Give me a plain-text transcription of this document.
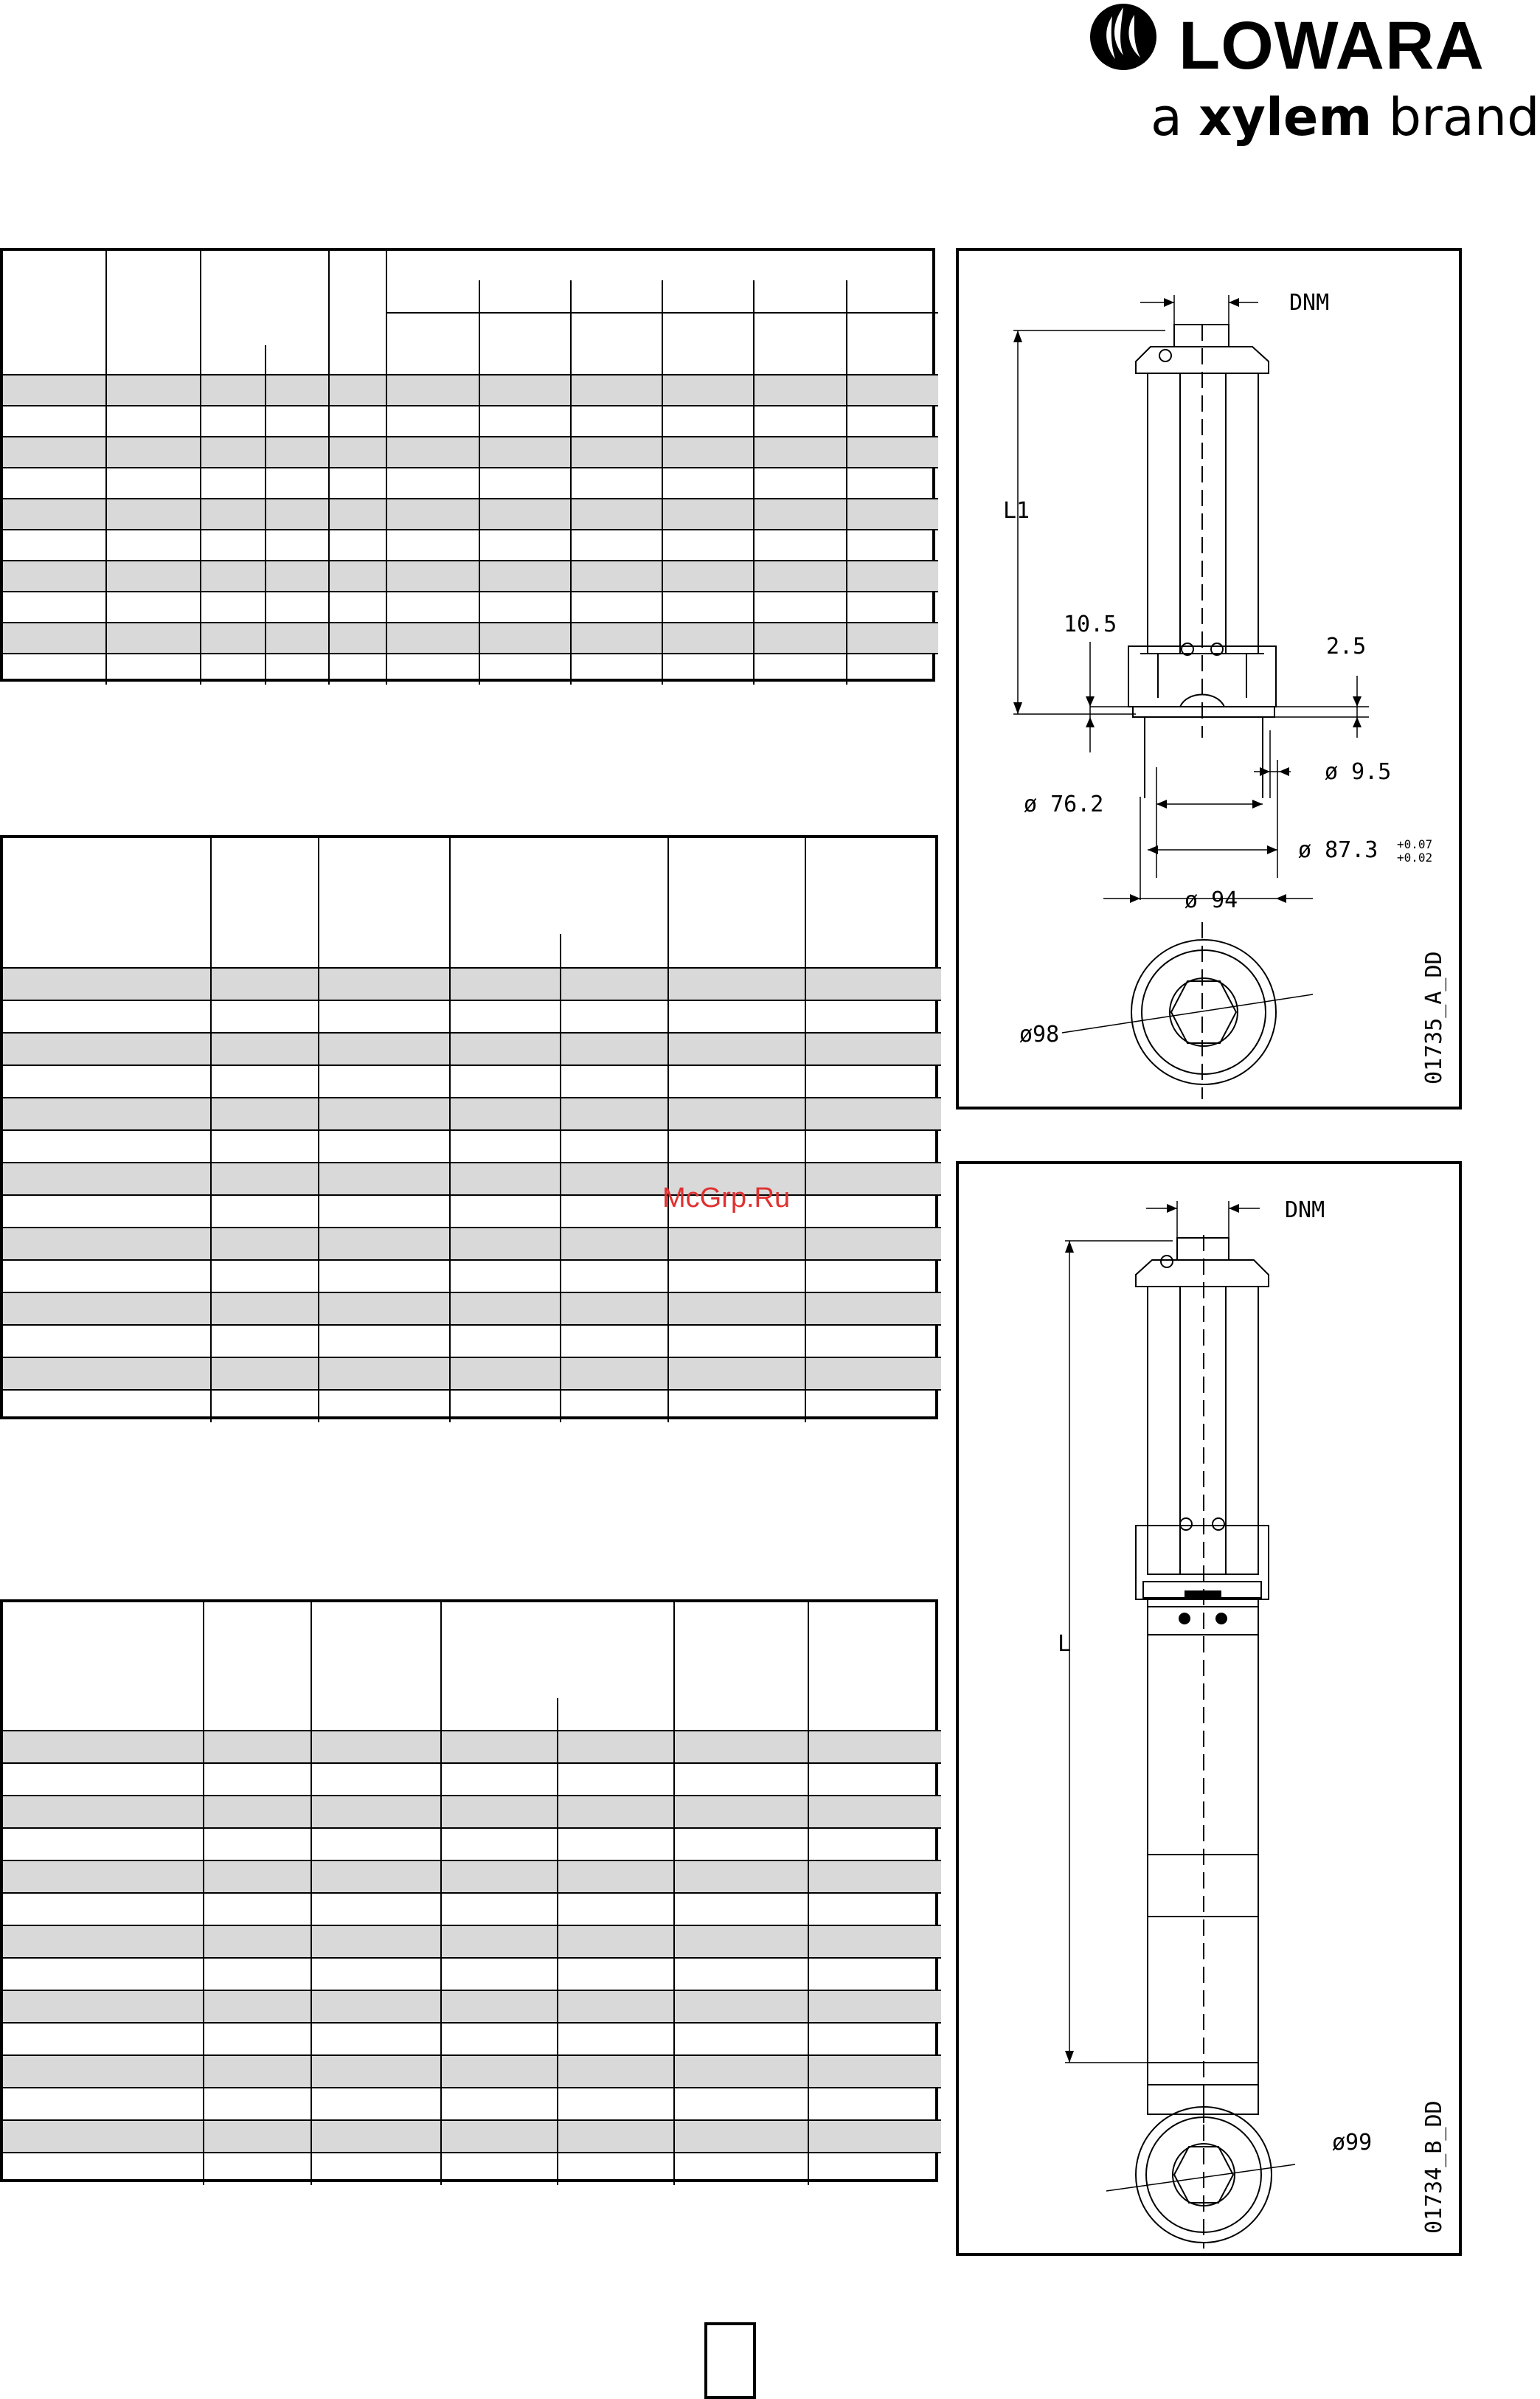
LOWARA
a xylem brand
DNM
L1
10.5
2.5
ø 9.5
ø 76.2
ø 87.3 +0.07
+0.02
ø 94
ø98	01735_A_DD
DNM
L
ø99 01734_B_DD
McGrp.Ru
